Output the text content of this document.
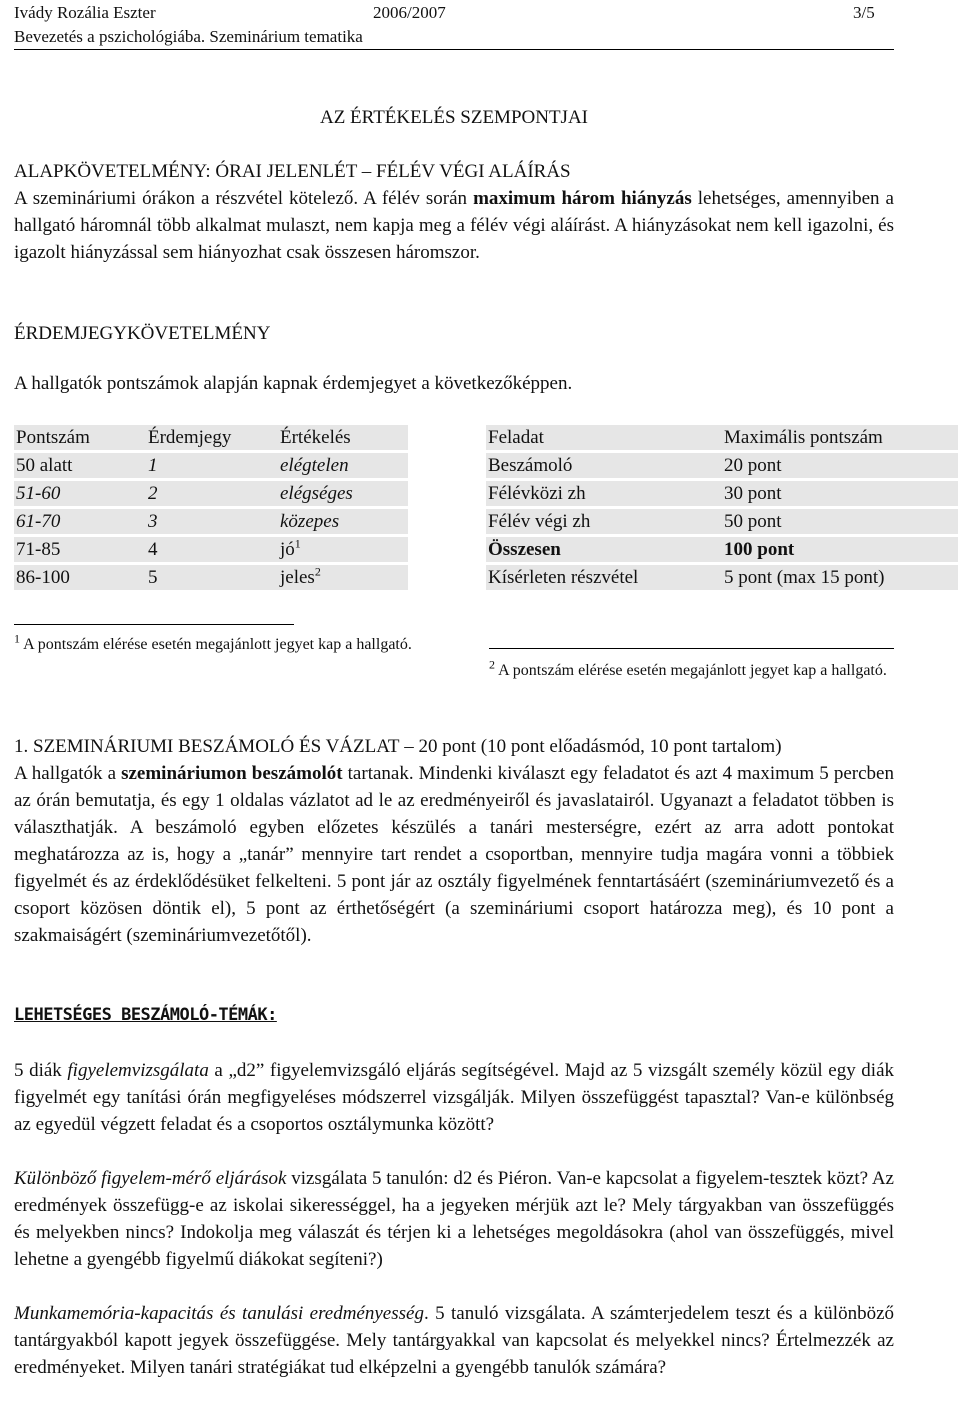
Ivády Rozália Eszter	2006/2007	3/5
Bevezetés a pszichológiába. Szeminárium tematika
AZ ÉRTÉKELÉS SZEMPONTJAI
ALAPKÖVETELMÉNY: ÓRAI JELENLÉT – FÉLÉV VÉGI ALÁÍRÁS
A szemináriumi órákon a részvétel kötelező. A félév során maximum három hiányzás lehetséges, amennyiben a hallgató háromnál több alkalmat mulaszt, nem kapja meg a félév végi aláírást. A hiányzásokat nem kell igazolni, és igazolt hiányzással sem hiányozhat csak összesen háromszor.
ÉRDEMJEGYKÖVETELMÉNY
A hallgatók pontszámok alapján kapnak érdemjegyet a következőképpen.
Pontszám	Érdemjegy	Értékelés
50 alatt	1	elégtelen
51-60	2	elégséges
61-70	3	közepes
71-85	4	$jó^1$
86-100	5	jeles$^2$
Feladat	Maximális pontszám
Beszámoló	20 pont
Félévközi zh	30 pont
Félév végi zh	50 pont
Összesen	100 pont
Kísérleten részvétel	5 pont (max 15 pont)
$^1$ A pontszám elérése esetén megajánlott jegyet kap a hallgató.
$^2$ A pontszám elérése esetén megajánlott jegyet kap a hallgató.
1. SZEMINÁRIUMI BESZÁMOLÓ ÉS VÁZLAT – 20 pont (10 pont előadásmód, 10 pont tartalom)
A hallgatók a szemináriumon beszámolót tartanak. Mindenki kiválaszt egy feladatot és azt 4 maximum 5 percben az órán bemutatja, és egy 1 oldalas vázlatot ad le az eredményeiről és javaslatairól. Ugyanazt a feladatot többen is választhatják. A beszámoló egyben előzetes készülés a tanári mesterségre, ezért az arra adott pontokat meghatározza az is, hogy a „tanár” mennyire tart rendet a csoportban, mennyire tudja magára vonni a többiek figyelmét és az érdeklődésüket felkelteni. 5 pont jár az osztály figyelmének fenntartásáért (szemináriumvezető és a csoport közösen döntik el), 5 pont az érthetőségért (a szemináriumi csoport határozza meg), és 10 pont a szakmaiságért (szemináriumvezetőtől).
LEHETSÉGES BESZÁMOLÓ-TÉMÁK:
5 diák figyelemvizsgálata a „d2” figyelemvizsgáló eljárás segítségével. Majd az 5 vizsgált személy közül egy diák figyelmét egy tanítási órán megfigyeléses módszerrel vizsgálják. Milyen összefüggést tapasztal? Van-e különbség az egyedül végzett feladat és a csoportos osztálymunka között?
Különböző figyelem-mérő eljárások vizsgálata 5 tanulón: d2 és Piéron. Van-e kapcsolat a figyelem-tesztek közt? Az eredmények összefügg-e az iskolai sikerességgel, ha a jegyeken mérjük azt le? Mely tárgyakban van összefüggés és melyekben nincs? Indokolja meg válaszát és térjen ki a lehetséges megoldásokra (ahol van összefüggés, mivel lehetne a gyengébb figyelmű diákokat segíteni?)
Munkamemória-kapacitás és tanulási eredményesség. 5 tanuló vizsgálata. A számterjedelem teszt és a különböző tantárgyakból kapott jegyek összefüggése. Mely tantárgyakkal van kapcsolat és melyekkel nincs? Értelmezzék az eredményeket. Milyen tanári stratégiákat tud elképzelni a gyengébb tanulók számára?
